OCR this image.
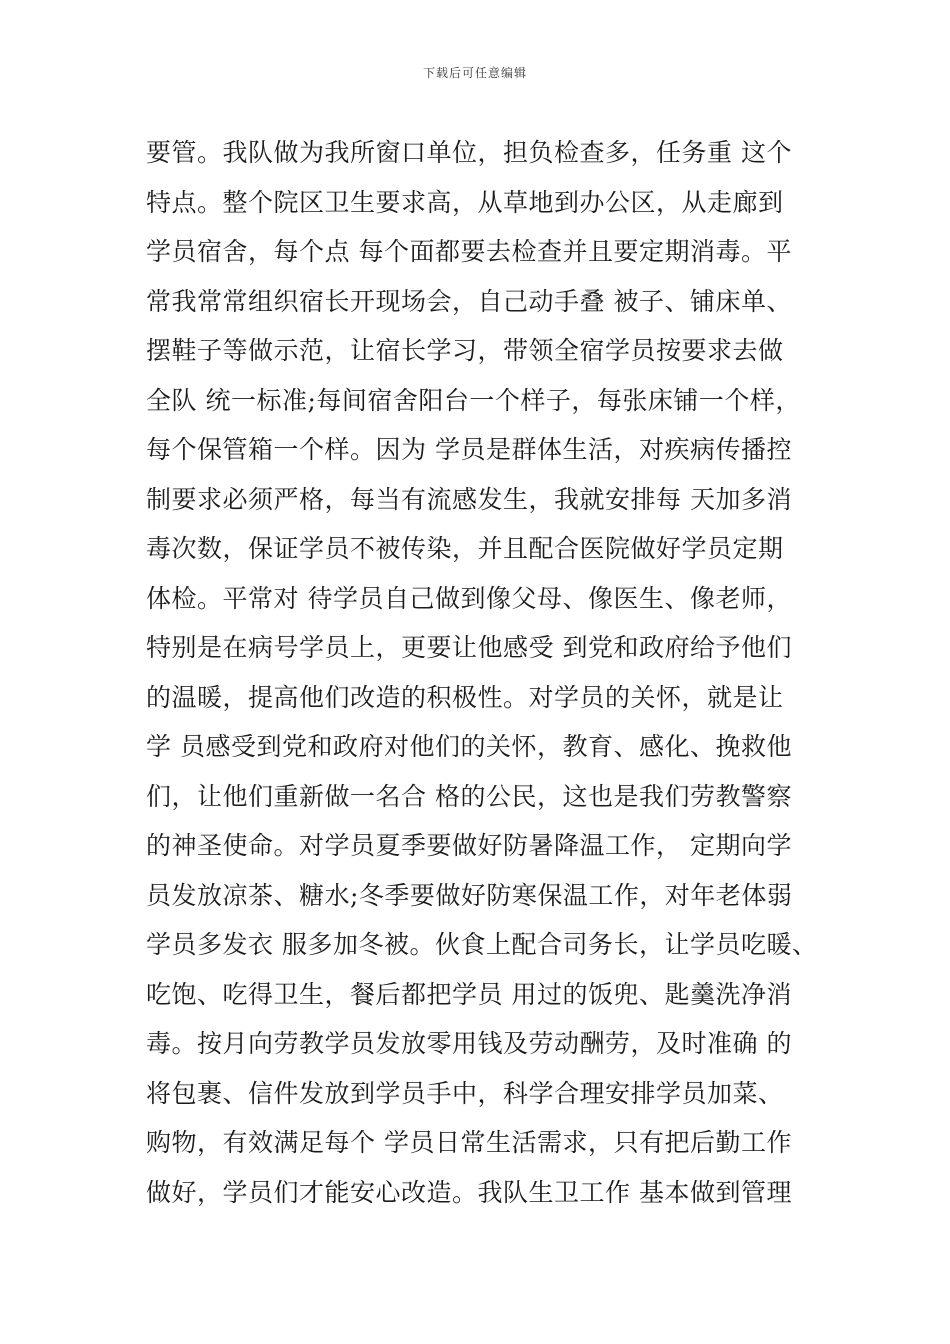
下载后可任意编辑
要管。我队做为我所窗口单位，担负检查多，任务重 这个
特点。整个院区卫生要求高，从草地到办公区，从走廊到
学员宿舍，每个点 每个面都要去检查并且要定期消毒。平
常我常常组织宿长开现场会，自己动手叠 被子、铺床单、
摆鞋子等做示范，让宿长学习，带领全宿学员按要求去做
全队 统一标准;每间宿舍阳台一个样子，每张床铺一个样，
每个保管箱一个样。因为 学员是群体生活，对疾病传播控
制要求必须严格，每当有流感发生，我就安排每 天加多消
毒次数，保证学员不被传染，并且配合医院做好学员定期
体检。平常对 待学员自己做到像父母、像医生、像老师，
特别是在病号学员上，更要让他感受 到党和政府给予他们
的温暖，提高他们改造的积极性。对学员的关怀，就是让
学 员感受到党和政府对他们的关怀，教育、感化、挽救他
们，让他们重新做一名合 格的公民，这也是我们劳教警察
的神圣使命。对学员夏季要做好防暑降温工作， 定期向学
员发放凉茶、糖水;冬季要做好防寒保温工作，对年老体弱
学员多发衣 服多加冬被。伙食上配合司务长，让学员吃暖、
吃饱、吃得卫生，餐后都把学员 用过的饭兜、匙羹洗净消
毒。按月向劳教学员发放零用钱及劳动酬劳，及时准确 的
将包裹、信件发放到学员手中，科学合理安排学员加菜、
购物，有效满足每个 学员日常生活需求，只有把后勤工作
做好，学员们才能安心改造。我队生卫工作 基本做到管理
